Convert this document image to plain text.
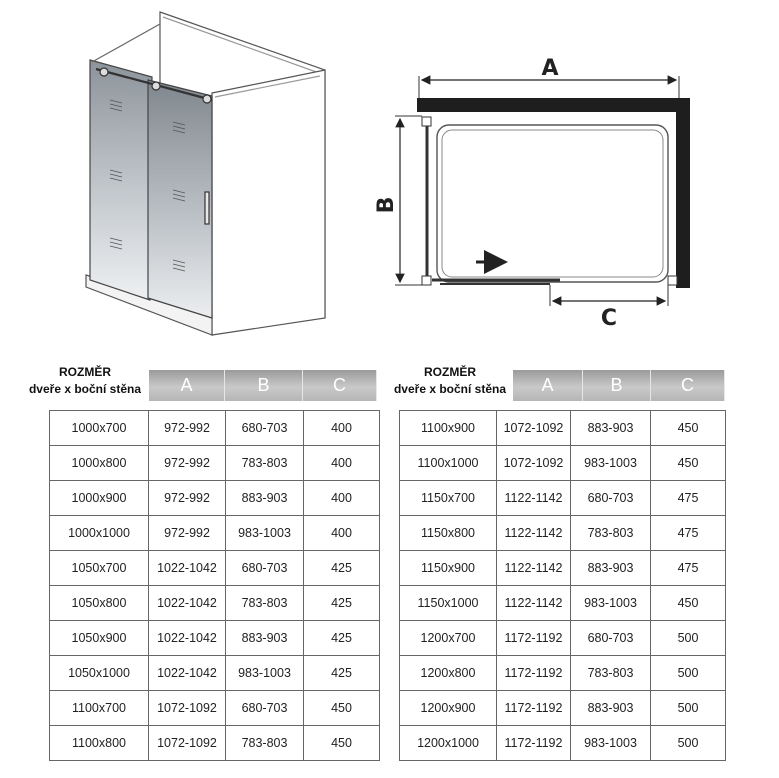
A
B
C
ROZMĚR
dveře x boční stěna	A	B	C
1000x700	972-992	680-703	400
1000x800	972-992	783-803	400
1000x900	972-992	883-903	400
1000x1000	972-992	983-1003	400
1050x700	1022-1042	680-703	425
1050x800	1022-1042	783-803	425
1050x900	1022-1042	883-903	425
1050x1000	1022-1042	983-1003	425
1100x700	1072-1092	680-703	450
1100x800	1072-1092	783-803	450
ROZMĚR
dveře x boční stěna	A	B	C
1100x900	1072-1092	883-903	450
1100x1000	1072-1092	983-1003	450
1150x700	1122-1142	680-703	475
1150x800	1122-1142	783-803	475
1150x900	1122-1142	883-903	475
1150x1000	1122-1142	983-1003	450
1200x700	1172-1192	680-703	500
1200x800	1172-1192	783-803	500
1200x900	1172-1192	883-903	500
1200x1000	1172-1192	983-1003	500
